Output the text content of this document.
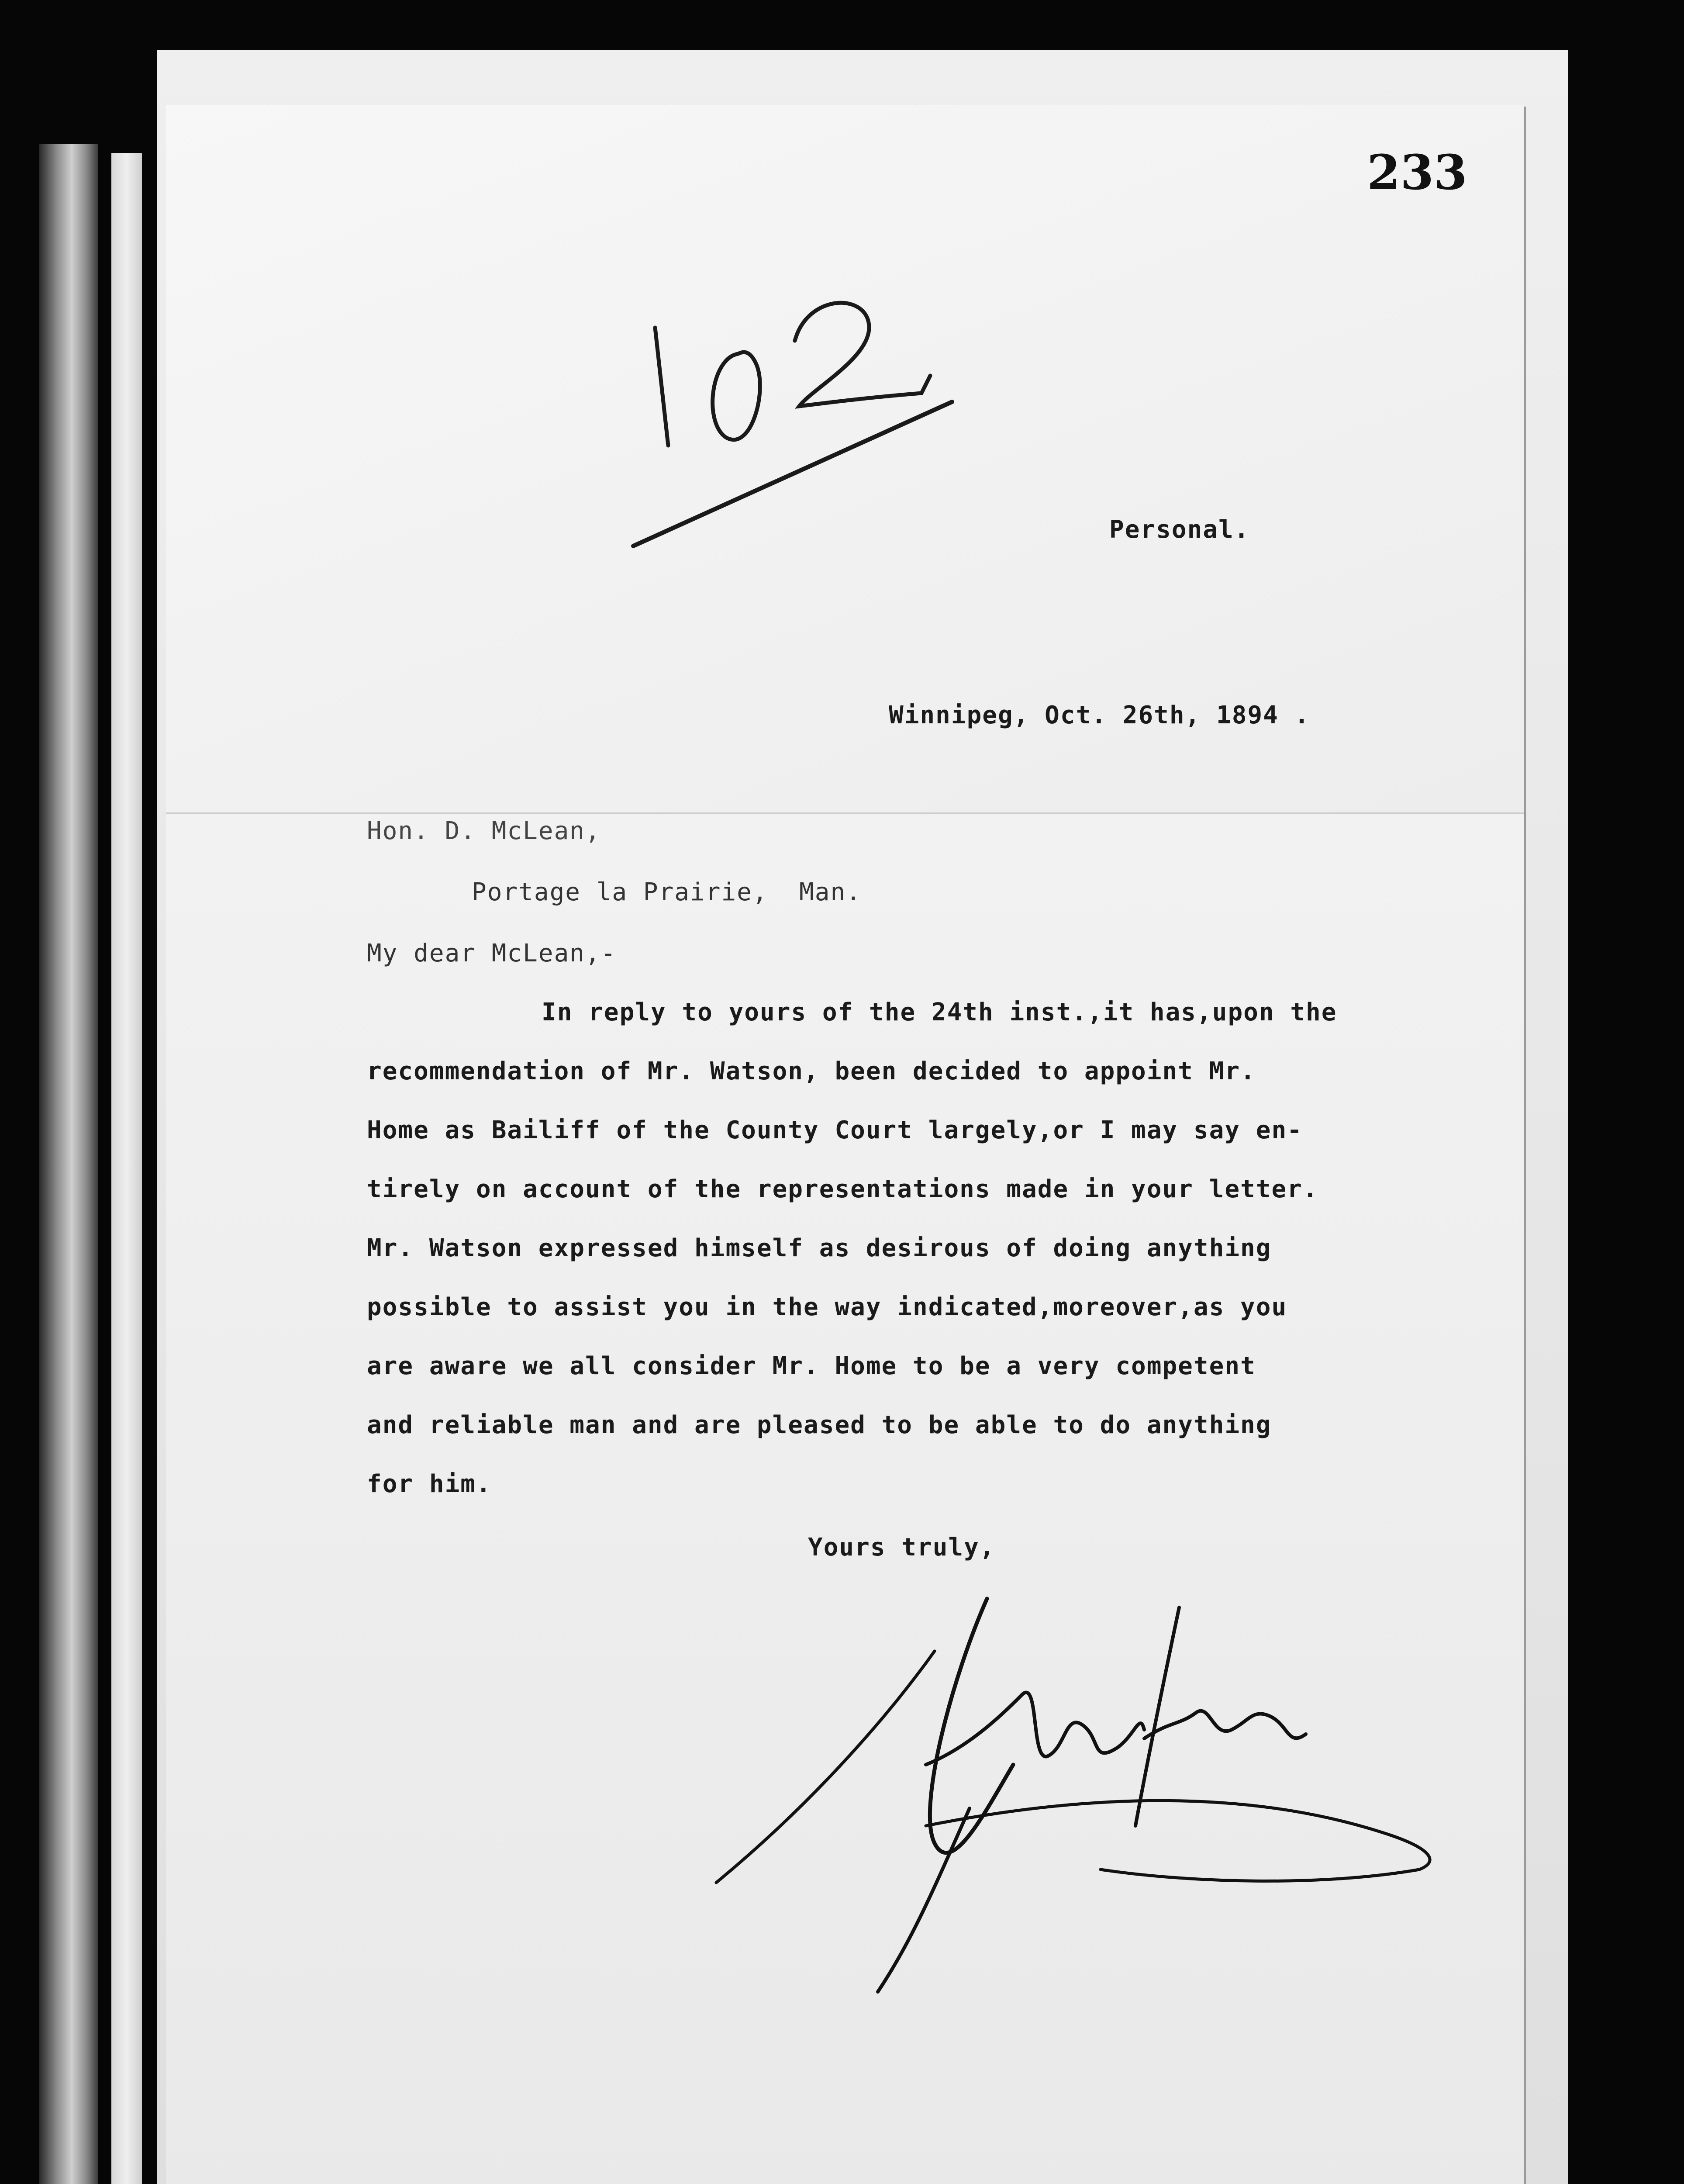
233
Personal.
Winnipeg, Oct. 26th, 1894 .
Hon. D. McLean,
Portage la Prairie,  Man.
My dear McLean,-
In reply to yours of the 24th inst.,it has,upon the
recommendation of Mr. Watson, been decided to appoint Mr.
Home as Bailiff of the County Court largely,or I may say en-
tirely on account of the representations made in your letter.
Mr. Watson expressed himself as desirous of doing anything
possible to assist you in the way indicated,moreover,as you
are aware we all consider Mr. Home to be a very competent
and reliable man and are pleased to be able to do anything
for him.
Yours truly,
